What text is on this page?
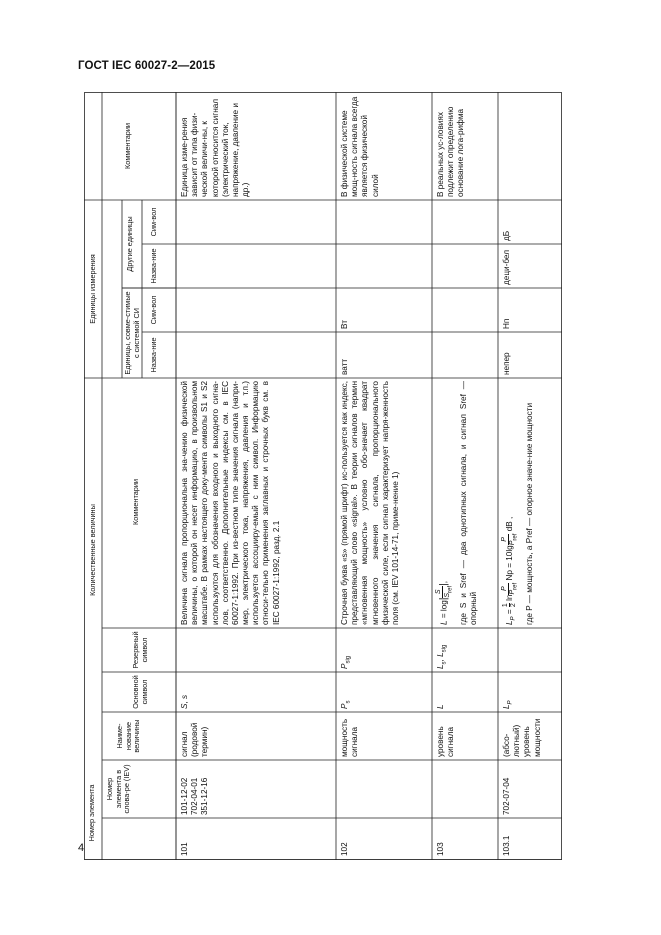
ГОСТ IEC 60027-2—2015
4
Номер элемента
Количественные величины
Единицы измерения
Номер элемента в слова-ре (IEV)
Наиме-нование величины
Основной символ
Резервный символ
Комментарии
Единицы, совме-стимые с системой СИ
Другие единицы
Назва-ние
Сим-вол
Назва-ние
Сим-вол
Комментарии
101
101-12-02 702-04-01 351-12-16
сигнал (родовой термин)
S, s
Величина сигнала пропорциональна зна-чению физической величины, о которой он несет информацию, в произвольном масштабе. В рамках настоящего доку-мента символы S1 и S2 используются для обозначения входного и выходного сигна-лов, соответственно. Дополнительные индексы см. в IEC 60027-1:1992. При из-вестном типе значения сигнала (напри-мер, электрического тока, напряжения, давления и т.п.) используется ассоцииру-емый с ним символ. Информацию относи-тельно применения заглавных и строчных букв см. в IEC 60027-1:1992, разд. 2.1
Единица изме-рения зависит от типа физи-ческой величи-ны, к которой относится сигнал (электрический ток, напряжение, давление и др.)
102
мощность сигнала
$P_s$
$P_{sig}$
Строчная буква «s» (прямой шрифт) ис-пользуется как индекс, представляющий слово «signal». В теории сигналов термин «мгновенная мощность» условно обо-значает квадрат мгновенного значения сигнала, пропорционального физической силе, если сигнал характеризует напря-женность поля (см. IEV 101-14-71, приме-нение 1)
ватт
Вт
В физической системе мощ-ность сигнала всегда является физической силой
103
уровень сигнала
L
$L_s$, $L_{sig}$
L = log|S
$S_{ref}|$,	где S и Sref — два однотипных сигнала, и сигнал Sref — опорный
В реальных ус-ловиях подлежит определению основание лога-рифма
103.1
702-07-04
(абсо-лютный) уровень мощности
$L_P$
$L_P = 1$
2 lnP
$P_{ref}$ Np = 10lgP
$P_{ref}$ dB ,	где P — мощность, а Pref — опорное значе-ние мощности
непер
Нп
деци-бел
дБ
